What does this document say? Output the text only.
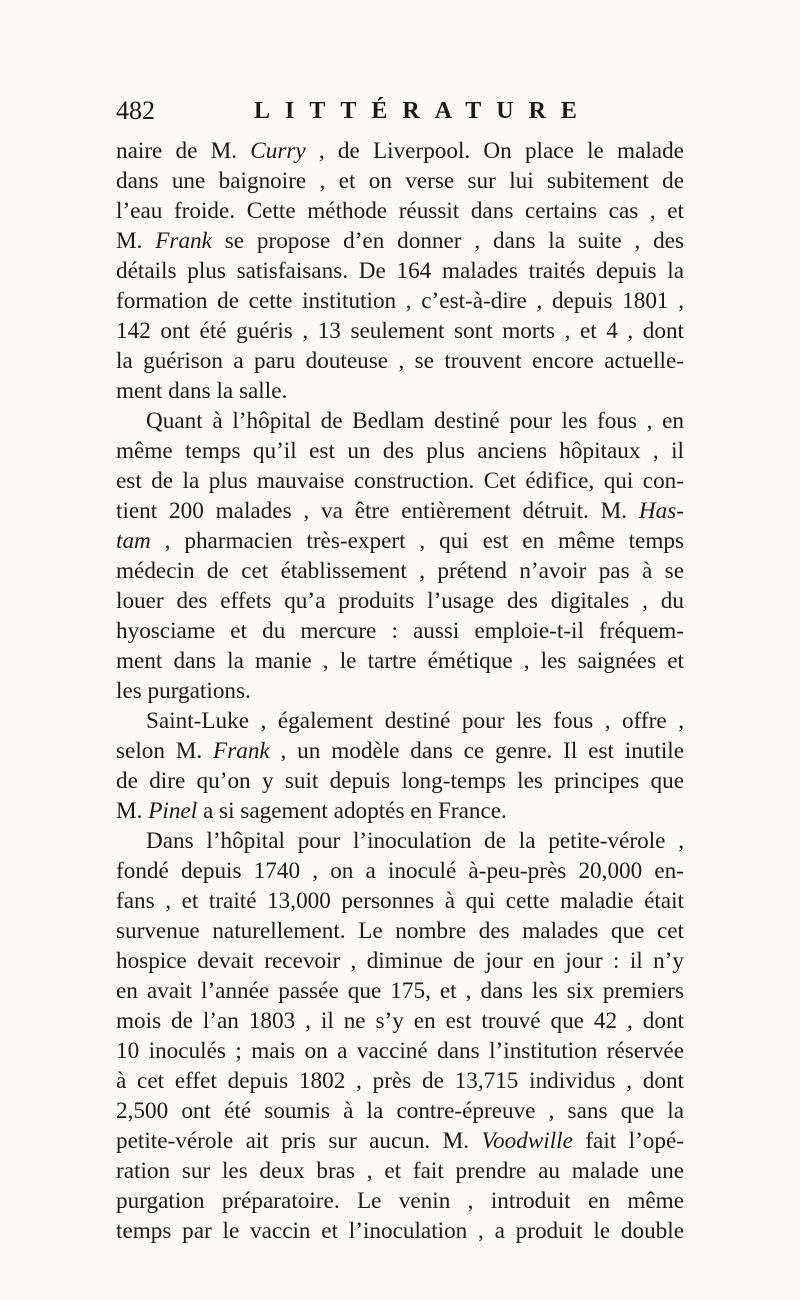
482	LITTÉRATURE
naire de M. Curry , de Liverpool. On place le malade
dans une baignoire , et on verse sur lui subitement de
l’eau froide. Cette méthode réussit dans certains cas , et
M. Frank se propose d’en donner , dans la suite , des
détails plus satisfaisans. De 164 malades traités depuis la
formation de cette institution , c’est-à-dire , depuis 1801 ,
142 ont été guéris , 13 seulement sont morts , et 4 , dont
la guérison a paru douteuse , se trouvent encore actuelle-
ment dans la salle.
Quant à l’hôpital de Bedlam destiné pour les fous , en
même temps qu’il est un des plus anciens hôpitaux , il
est de la plus mauvaise construction. Cet édifice, qui con-
tient 200 malades , va être entièrement détruit. M. Has-
tam , pharmacien très-expert , qui est en même temps
médecin de cet établissement , prétend n’avoir pas à se
louer des effets qu’a produits l’usage des digitales , du
hyosciame et du mercure : aussi emploie-t-il fréquem-
ment dans la manie , le tartre émétique , les saignées et
les purgations.
Saint-Luke , également destiné pour les fous , offre ,
selon M. Frank , un modèle dans ce genre. Il est inutile
de dire qu’on y suit depuis long-temps les principes que
M. Pinel a si sagement adoptés en France.
Dans l’hôpital pour l’inoculation de la petite-vérole ,
fondé depuis 1740 , on a inoculé à-peu-près 20,000 en-
fans , et traité 13,000 personnes à qui cette maladie était
survenue naturellement. Le nombre des malades que cet
hospice devait recevoir , diminue de jour en jour : il n’y
en avait l’année passée que 175, et , dans les six premiers
mois de l’an 1803 , il ne s’y en est trouvé que 42 , dont
10 inoculés ; mais on a vacciné dans l’institution réservée
à cet effet depuis 1802 , près de 13,715 individus , dont
2,500 ont été soumis à la contre-épreuve , sans que la
petite-vérole ait pris sur aucun. M. Voodwille fait l’opé-
ration sur les deux bras , et fait prendre au malade une
purgation préparatoire. Le venin , introduit en même
temps par le vaccin et l’inoculation , a produit le double
